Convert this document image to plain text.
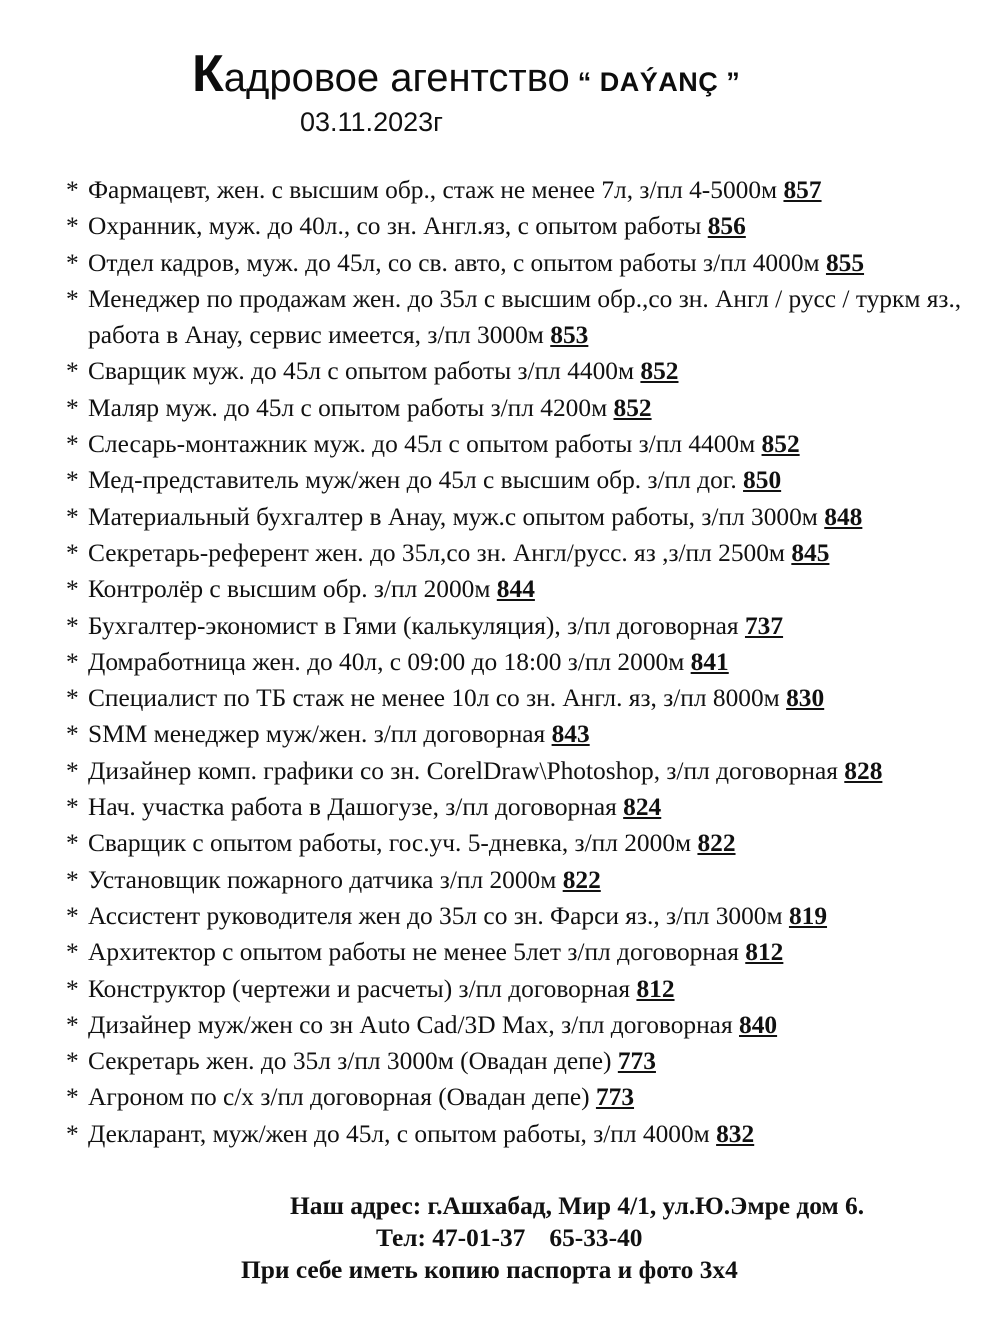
Кадровое агентство “ DAÝANÇ ”
03.11.2023г
* Фармацевт, жен. с высшим обр., стаж не менее 7л, з/пл 4-5000м 857
* Охранник, муж. до 40л., со зн. Англ.яз, с опытом работы 856
* Отдел кадров, муж. до 45л, со св. авто, с опытом работы з/пл 4000м 855
* Менеджер по продажам жен. до 35л с высшим обр.,со зн. Англ / русс / туркм яз., работа в Анау, сервис имеется, з/пл 3000м 853
* Сварщик муж. до 45л с опытом работы з/пл 4400м 852
* Маляр муж. до 45л с опытом работы з/пл 4200м 852
* Слесарь-монтажник муж. до 45л с опытом работы з/пл 4400м 852
* Мед-представитель муж/жен до 45л с высшим обр. з/пл дог. 850
* Материальный бухгалтер в Анау, муж.с опытом работы, з/пл 3000м 848
* Секретарь-референт жен. до 35л,со зн. Англ/русс. яз ,з/пл 2500м 845
* Контролёр с высшим обр. з/пл 2000м 844
* Бухгалтер-экономист в Гями (калькуляция), з/пл договорная 737
* Домработница жен. до 40л, с 09:00 до 18:00 з/пл 2000м 841
* Специалист по ТБ стаж не менее 10л со зн. Англ. яз, з/пл 8000м 830
* SMM менеджер муж/жен. з/пл договорная 843
* Дизайнер комп. графики со зн. CorelDraw\Photoshop, з/пл договорная 828
* Нач. участка работа в Дашогузе, з/пл договорная 824
* Сварщик с опытом работы, гос.уч. 5-дневка, з/пл 2000м 822
* Установщик пожарного датчика з/пл 2000м 822
* Ассистент руководителя жен до 35л со зн. Фарси яз., з/пл 3000м 819
* Архитектор с опытом работы не менее 5лет з/пл договорная 812
* Конструктор (чертежи и расчеты) з/пл договорная 812
* Дизайнер муж/жен со зн Auto Cad/3D Max, з/пл договорная 840
* Секретарь жен. до 35л з/пл 3000м (Овадан депе) 773
* Агроном по с/х з/пл договорная (Овадан депе) 773
* Декларант, муж/жен до 45л, с опытом работы, з/пл 4000м 832
Наш адрес: г.Ашхабад, Мир 4/1, ул.Ю.Эмре дом 6.
Тел: 47-01-37 65-33-40
При себе иметь копию паспорта и фото 3х4
